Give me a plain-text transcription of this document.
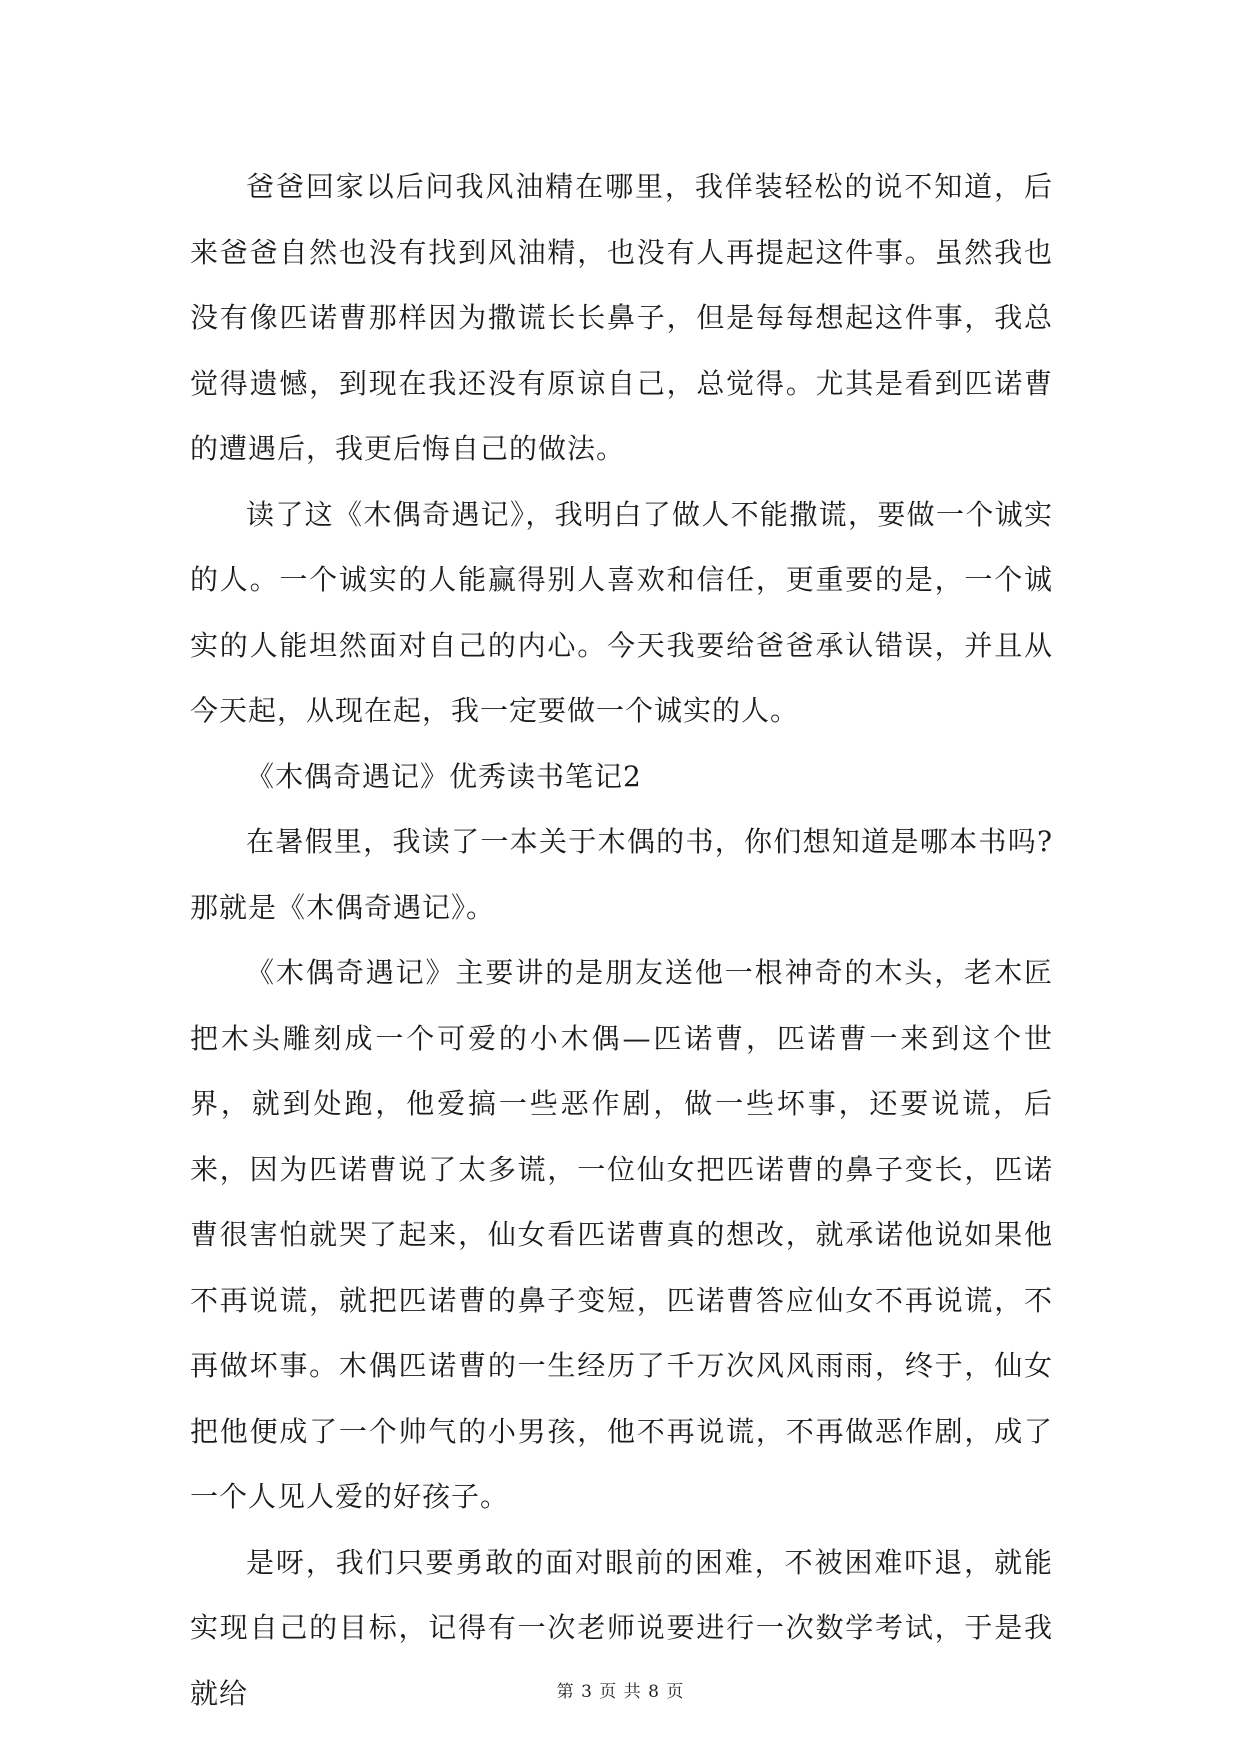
爸爸回家以后问我风油精在哪里，我佯装轻松的说不知道，后来爸爸自然也没有找到风油精，也没有人再提起这件事。虽然我也没有像匹诺曹那样因为撒谎长长鼻子，但是每每想起这件事，我总觉得遗憾，到现在我还没有原谅自己，总觉得。尤其是看到匹诺曹的遭遇后，我更后悔自己的做法。

读了这《木偶奇遇记》，我明白了做人不能撒谎，要做一个诚实的人。一个诚实的人能赢得别人喜欢和信任，更重要的是，一个诚实的人能坦然面对自己的内心。今天我要给爸爸承认错误，并且从今天起，从现在起，我一定要做一个诚实的人。

《木偶奇遇记》优秀读书笔记2

在暑假里，我读了一本关于木偶的书，你们想知道是哪本书吗?那就是《木偶奇遇记》。

《木偶奇遇记》主要讲的是朋友送他一根神奇的木头，老木匠把木头雕刻成一个可爱的小木偶—匹诺曹，匹诺曹一来到这个世界，就到处跑，他爱搞一些恶作剧，做一些坏事，还要说谎，后来，因为匹诺曹说了太多谎，一位仙女把匹诺曹的鼻子变长，匹诺曹很害怕就哭了起来，仙女看匹诺曹真的想改，就承诺他说如果他不再说谎，就把匹诺曹的鼻子变短，匹诺曹答应仙女不再说谎，不再做坏事。木偶匹诺曹的一生经历了千万次风风雨雨，终于，仙女把他便成了一个帅气的小男孩，他不再说谎，不再做恶作剧，成了一个人见人爱的好孩子。

是呀，我们只要勇敢的面对眼前的困难，不被困难吓退，就能实现自己的目标，记得有一次老师说要进行一次数学考试，于是我就给	第 3 页 共 8 页
